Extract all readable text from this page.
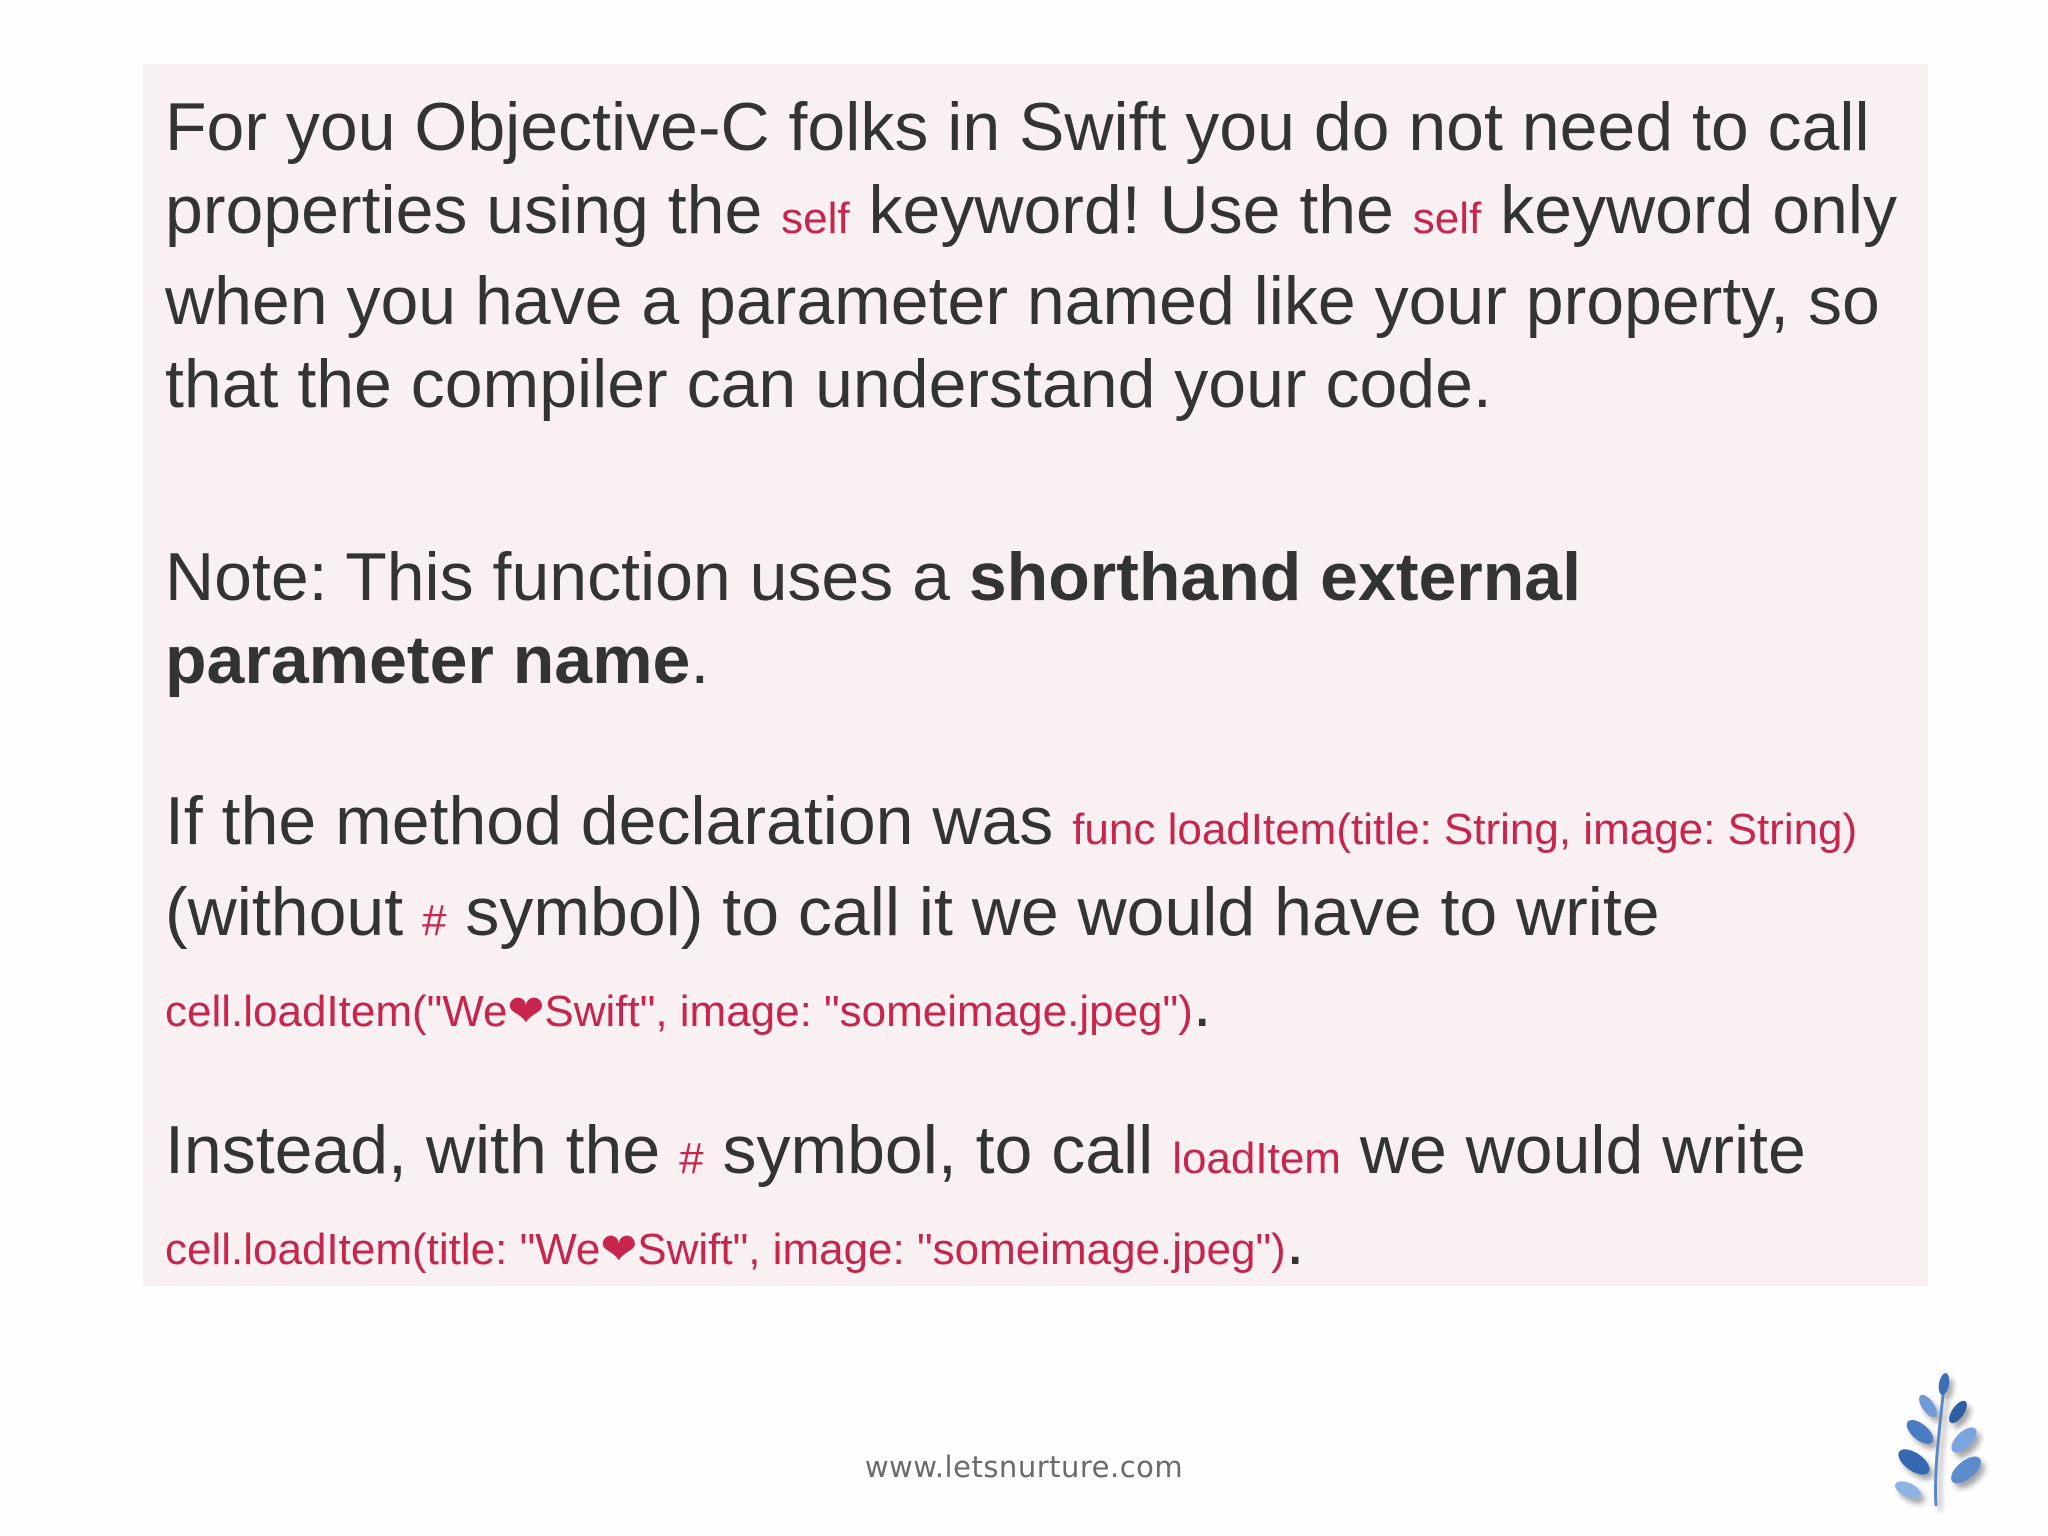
For you Objective-C folks in Swift you do not need to call properties using the self keyword! Use the self keyword only when you have a parameter named like your property, so that the compiler can understand your code.

Note: This function uses a shorthand external parameter name.

If the method declaration was func loadItem(title: String, image: String) (without # symbol) to call it we would have to write cell.loadItem("We❤Swift", image: "someimage.jpeg").

Instead, with the # symbol, to call loadItem we would write cell.loadItem(title: "We❤Swift", image: "someimage.jpeg").

www.letsnurture.com
